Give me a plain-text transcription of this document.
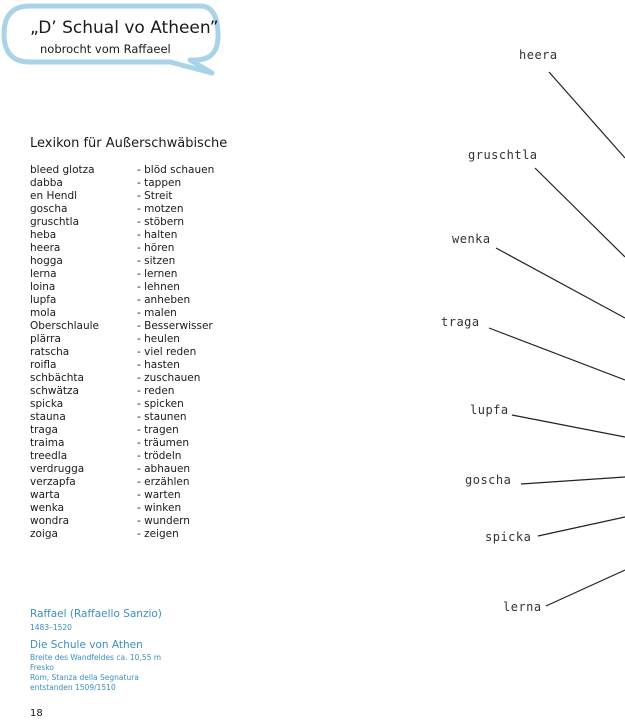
„D’ Schual vo Atheen”
nobrocht vom Raffaeel
Lexikon für Außerschwäbische
bleed glotza	- blöd schauen
dabba	- tappen
en Hendl	- Streit
goscha	- motzen
gruschtla	- stöbern
heba	- halten
heera	- hören
hogga	- sitzen
lerna	- lernen
loina	- lehnen
lupfa	- anheben
mola	- malen
Oberschlaule	- Besserwisser
plärra	- heulen
ratscha	- viel reden
roifla	- hasten
schbächta	- zuschauen
schwätza	- reden
spicka	- spicken
stauna	- staunen
traga	- tragen
traima	- träumen
treedla	- trödeln
verdrugga	- abhauen
verzapfa	- erzählen
warta	- warten
wenka	- winken
wondra	- wundern
zoiga	- zeigen
Raffael (Raffaello Sanzio)
1483–1520
Die Schule von Athen
Breite des Wandfeldes ca. 10,55 m
Fresko
Rom, Stanza della Segnatura
entstanden 1509/1510
18
heera
gruschtla
wenka
traga
lupfa
goscha
spicka
lerna
